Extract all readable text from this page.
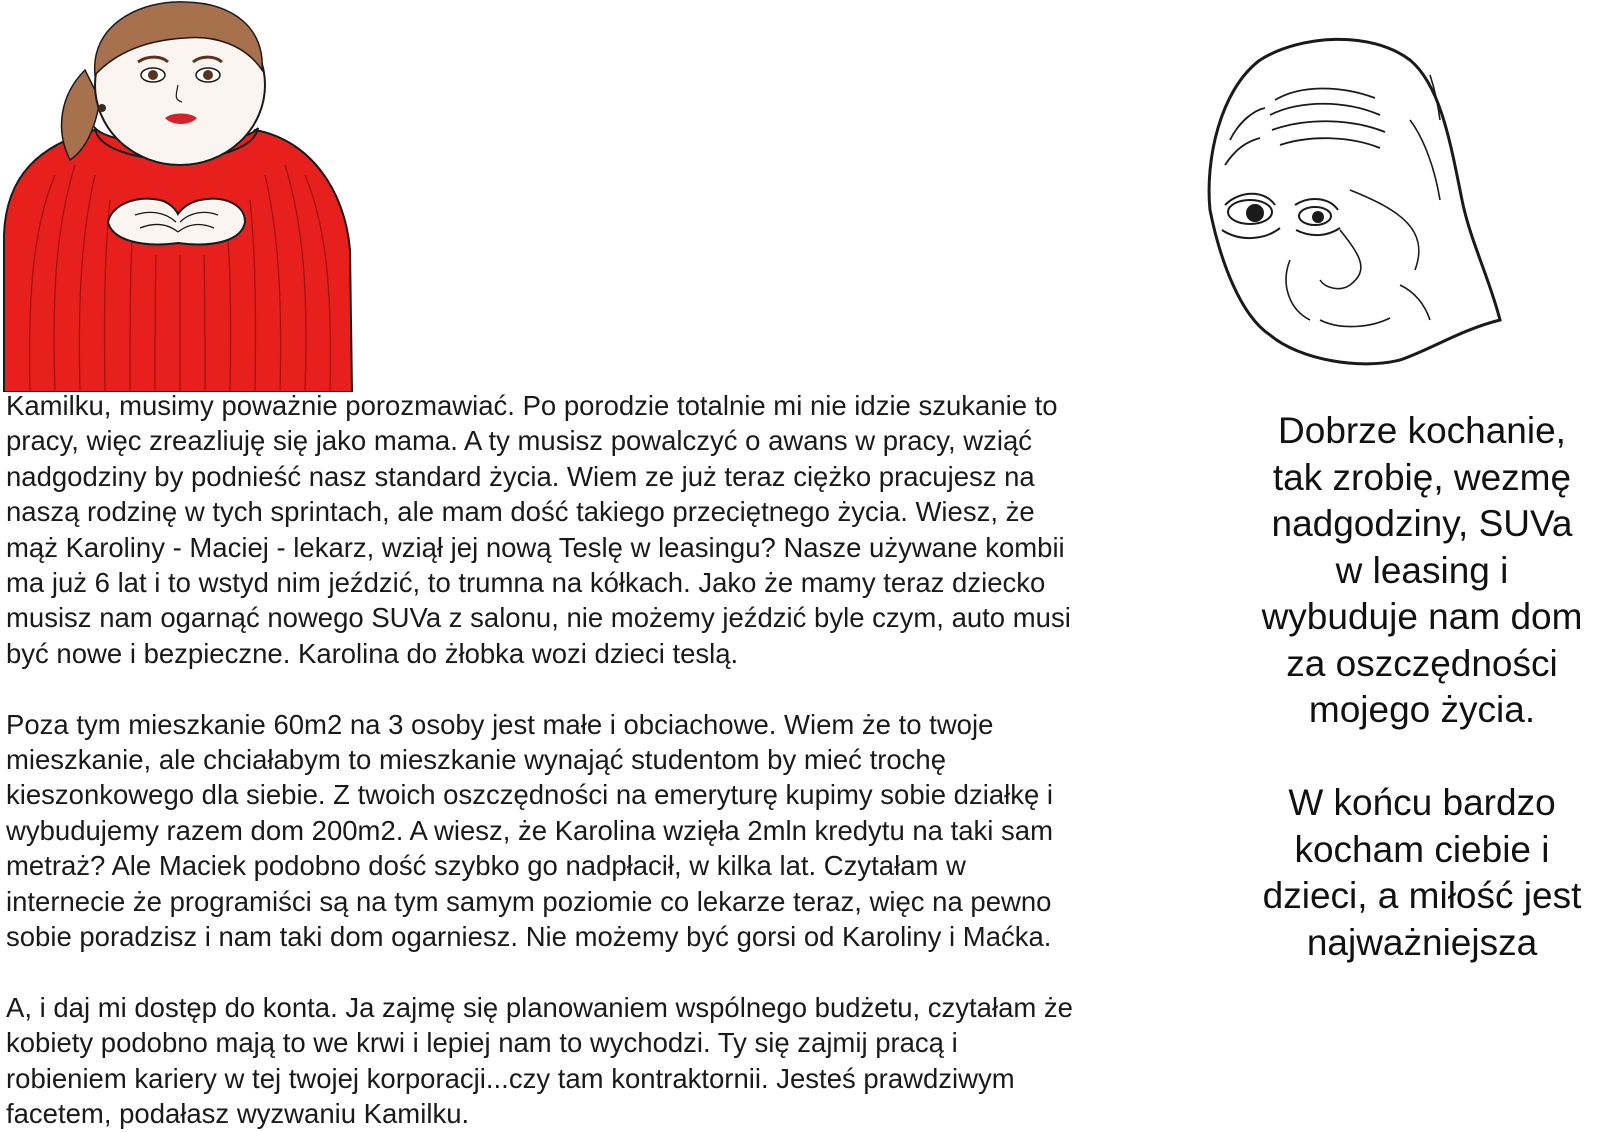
Kamilku, musimy poważnie porozmawiać. Po porodzie totalnie mi nie idzie szukanie to
pracy, więc zreazliuję się jako mama. A ty musisz powalczyć o awans w pracy, wziąć
nadgodziny by podnieść nasz standard życia. Wiem ze już teraz ciężko pracujesz na
naszą rodzinę w tych sprintach, ale mam dość takiego przeciętnego życia. Wiesz, że
mąż Karoliny - Maciej - lekarz, wziął jej nową Teslę w leasingu? Nasze używane kombii
ma już 6 lat i to wstyd nim jeździć, to trumna na kółkach. Jako że mamy teraz dziecko
musisz nam ogarnąć nowego SUVa z salonu, nie możemy jeździć byle czym, auto musi
być nowe i bezpieczne. Karolina do żłobka wozi dzieci teslą.

Poza tym mieszkanie 60m2 na 3 osoby jest małe i obciachowe. Wiem że to twoje
mieszkanie, ale chciałabym to mieszkanie wynająć studentom by mieć trochę
kieszonkowego dla siebie. Z twoich oszczędności na emeryturę kupimy sobie działkę i
wybudujemy razem dom 200m2. A wiesz, że Karolina wzięła 2mln kredytu na taki sam
metraż? Ale Maciek podobno dość szybko go nadpłacił, w kilka lat. Czytałam w
internecie że programiści są na tym samym poziomie co lekarze teraz, więc na pewno
sobie poradzisz i nam taki dom ogarniesz. Nie możemy być gorsi od Karoliny i Maćka.

A, i daj mi dostęp do konta. Ja zajmę się planowaniem wspólnego budżetu, czytałam że
kobiety podobno mają to we krwi i lepiej nam to wychodzi. Ty się zajmij pracą i
robieniem kariery w tej twojej korporacji...czy tam kontraktornii. Jesteś prawdziwym
facetem, podałasz wyzwaniu Kamilku.

Dobrze kochanie,
tak zrobię, wezmę
nadgodziny, SUVa
w leasing i
wybuduje nam dom
za oszczędności
mojego życia.

W końcu bardzo
kocham ciebie i
dzieci, a miłość jest
najważniejsza
